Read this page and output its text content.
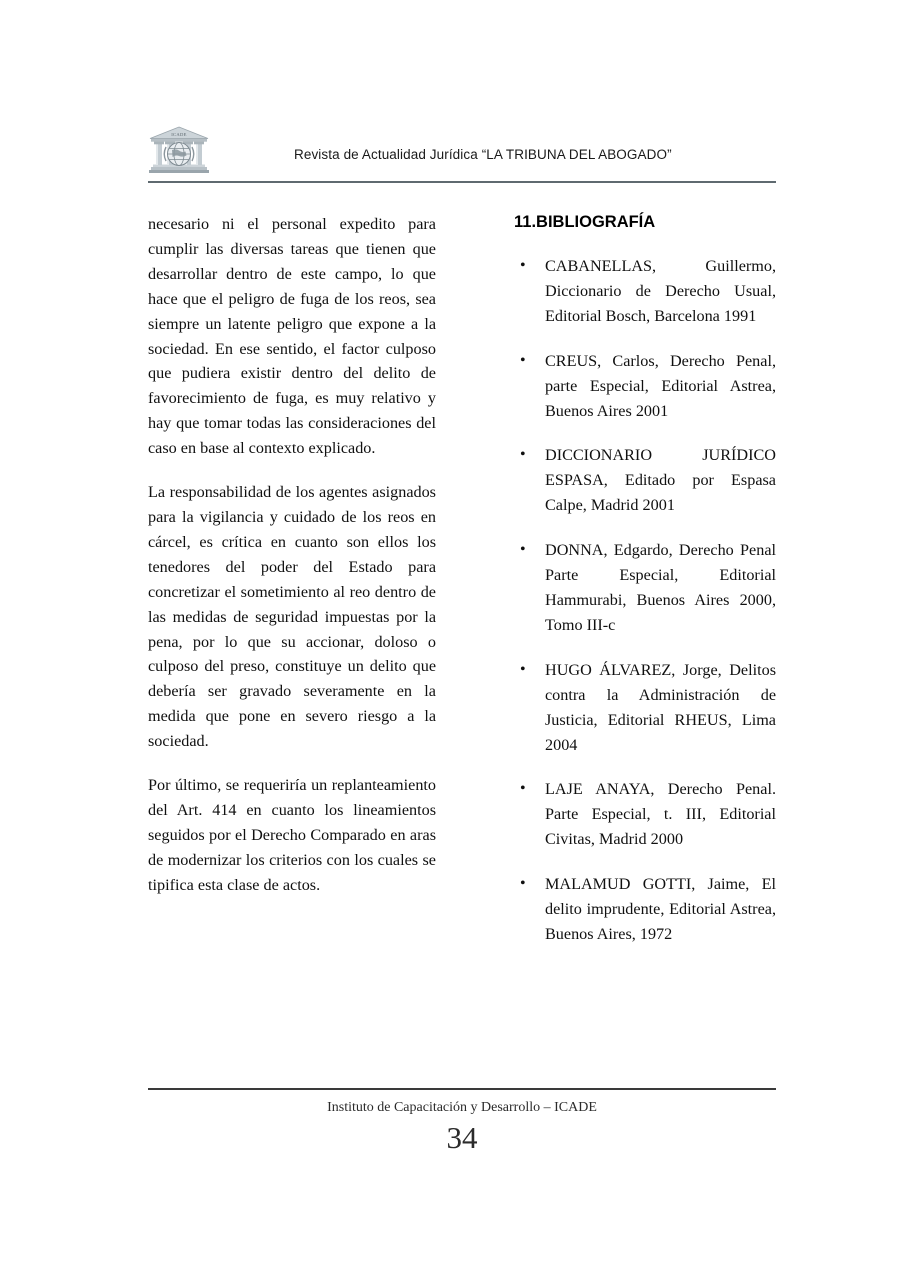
ICADE
Revista de Actualidad Jurídica “LA TRIBUNA DEL ABOGADO”

necesario ni el personal expedito para cumplir las diversas tareas que tienen que desarrollar dentro de este campo, lo que hace que el peligro de fuga de los reos, sea siempre un latente peligro que expone a la sociedad. En ese sentido, el factor culposo que pudiera existir dentro del delito de favorecimiento de fuga, es muy relativo y hay que tomar todas las consideraciones del caso en base al contexto explicado.

La responsabilidad de los agentes asignados para la vigilancia y cuidado de los reos en cárcel, es crítica en cuanto son ellos los tenedores del poder del Estado para concretizar el sometimiento al reo dentro de las medidas de seguridad impuestas por la pena, por lo que su accionar, doloso o culposo del preso, constituye un delito que debería ser gravado severamente en la medida que pone en severo riesgo a la sociedad.

Por último, se requeriría un replanteamiento del Art. 414 en cuanto los lineamientos seguidos por el Derecho Comparado en aras de modernizar los criterios con los cuales se tipifica esta clase de actos.

11.BIBLIOGRAFÍA
• CABANELLAS, Guillermo, Diccionario de Derecho Usual, Editorial Bosch, Barcelona 1991
• CREUS, Carlos, Derecho Penal, parte Especial, Editorial Astrea, Buenos Aires 2001
• DICCIONARIO JURÍDICO ESPASA, Editado por Espasa Calpe, Madrid 2001
• DONNA, Edgardo, Derecho Penal Parte Especial, Editorial Hammurabi, Buenos Aires 2000, Tomo III-c
• HUGO ÁLVAREZ, Jorge, Delitos contra la Administración de Justicia, Editorial RHEUS, Lima 2004
• LAJE ANAYA, Derecho Penal. Parte Especial, t. III, Editorial Civitas, Madrid 2000
• MALAMUD GOTTI, Jaime, El delito imprudente, Editorial Astrea, Buenos Aires, 1972
Instituto de Capacitación y Desarrollo – ICADE
34
